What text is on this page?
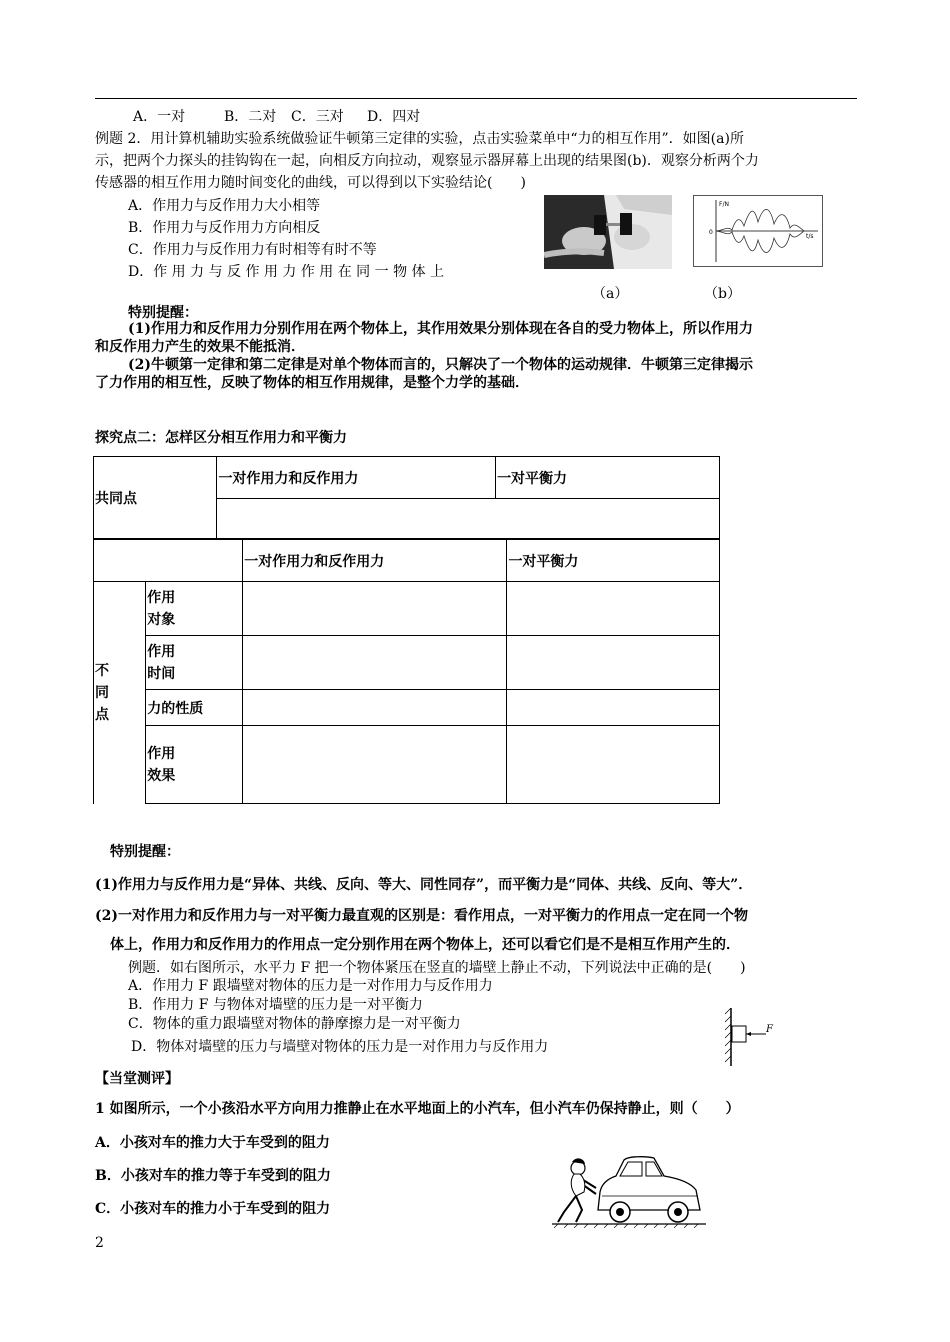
A．一对	B．二对 C．三对 D．四对
例题 2．用计算机辅助实验系统做验证牛顿第三定律的实验，点击实验菜单中“力的相互作用”．如图(a)所
示，把两个力探头的挂钩钩在一起，向相反方向拉动，观察显示器屏幕上出现的结果图(b)．观察分析两个力
传感器的相互作用力随时间变化的曲线，可以得到以下实验结论(　　)
A．作用力与反作用力大小相等
B．作用力与反作用力方向相反
C．作用力与反作用力有时相等有时不等
D．作 用 力 与 反 作 用 力 作 用 在 同 一 物 体 上
F/N
t/s
0
（a）	（b）
特别提醒：
(1)作用力和反作用力分别作用在两个物体上，其作用效果分别体现在各自的受力物体上，所以作用力
和反作用力产生的效果不能抵消．
(2)牛顿第一定律和第二定律是对单个物体而言的，只解决了一个物体的运动规律．牛顿第三定律揭示
了力作用的相互性，反映了物体的相互作用规律，是整个力学的基础．
探究点二：怎样区分相互作用力和平衡力
共同点	一对作用力和反作用力	一对平衡力

		一对作用力和反作用力	一对平衡力

不同点	作用对象		

	作用时间		

	力的性质		

	作用效果		

特别提醒：
(1)作用力与反作用力是“异体、共线、反向、等大、同性同存”，而平衡力是“同体、共线、反向、等大”．
(2)一对作用力和反作用力与一对平衡力最直观的区别是：看作用点，一对平衡力的作用点一定在同一个物
体上，作用力和反作用力的作用点一定分别作用在两个物体上，还可以看它们是不是相互作用产生的．
例题．如右图所示，水平力 F 把一个物体紧压在竖直的墙壁上静止不动，下列说法中正确的是(　　)
A．作用力 F 跟墙壁对物体的压力是一对作用力与反作用力
B．作用力 F 与物体对墙壁的压力是一对平衡力
C．物体的重力跟墙壁对物体的静摩擦力是一对平衡力
D．物体对墙壁的压力与墙壁对物体的压力是一对作用力与反作用力
F
【当堂测评】
1 如图所示，一个小孩沿水平方向用力推静止在水平地面上的小汽车，但小汽车仍保持静止，则（　　）
A．小孩对车的推力大于车受到的阻力
B．小孩对车的推力等于车受到的阻力
C．小孩对车的推力小于车受到的阻力
2
